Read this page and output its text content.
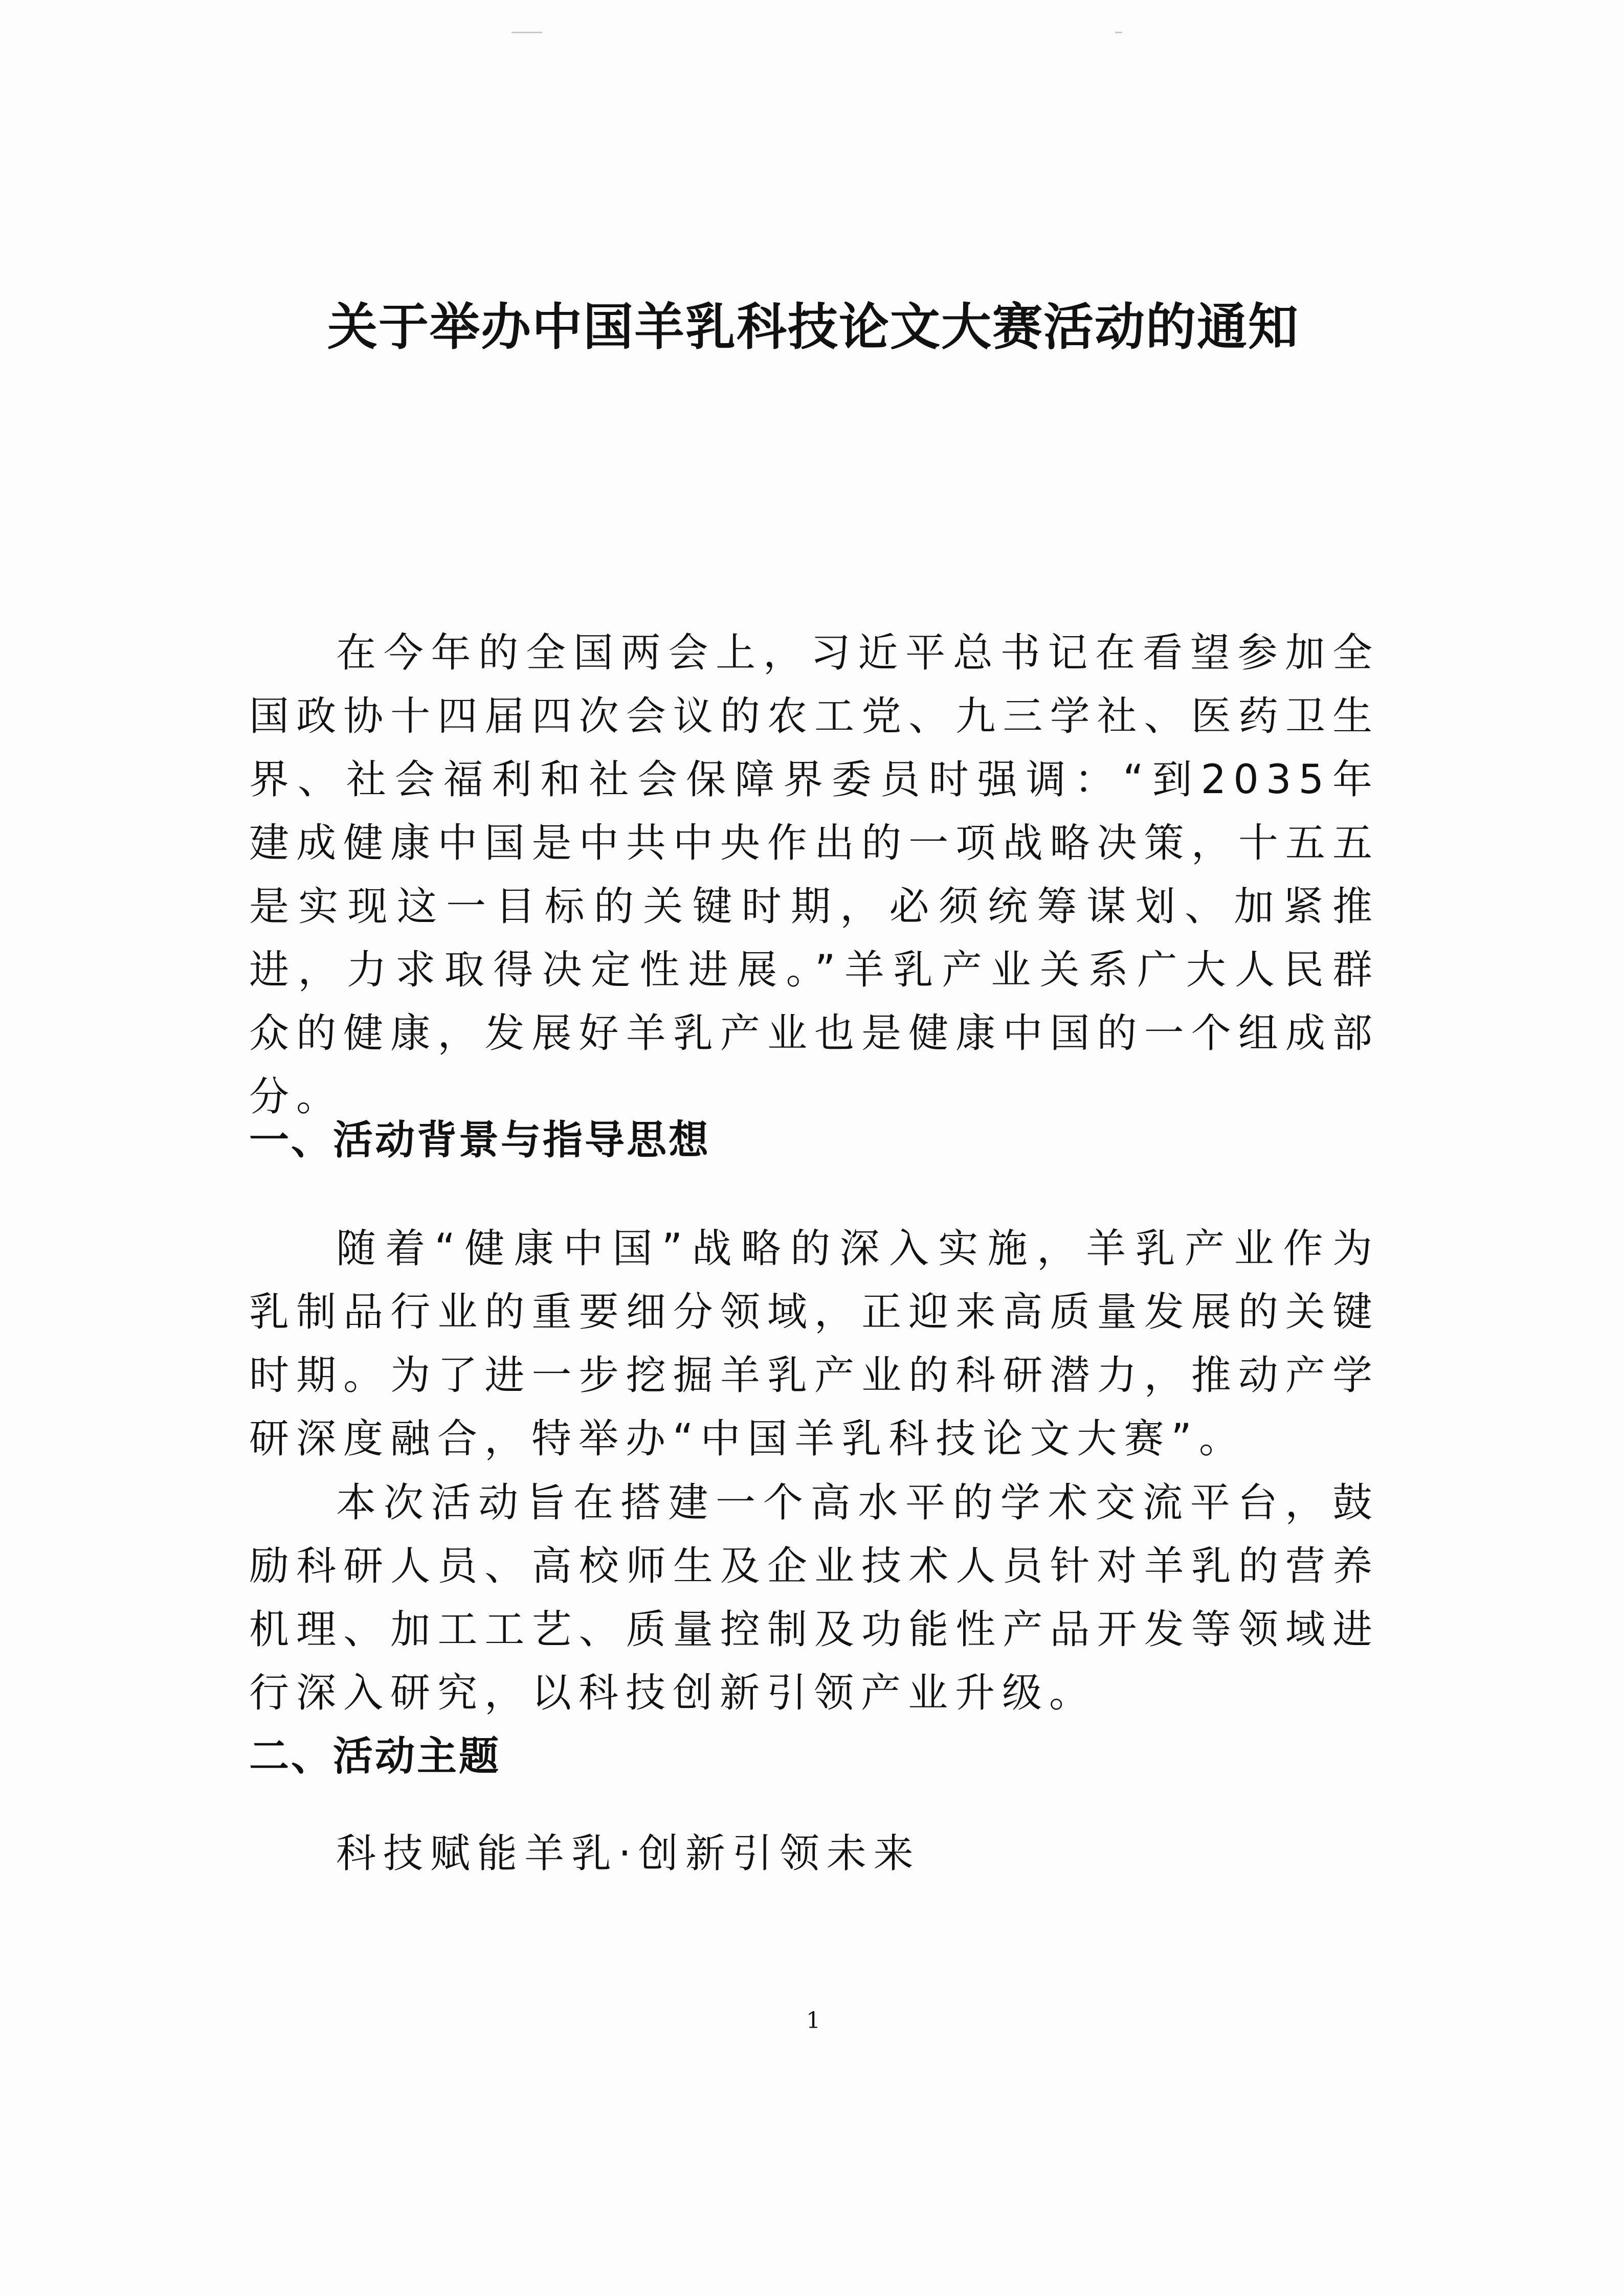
关于举办中国羊乳科技论文大赛活动的通知

在今年的全国两会上，习近平总书记在看望参加全国政协十四届四次会议的农工党、九三学社、医药卫生界、社会福利和社会保障界委员时强调：“到2035年建成健康中国是中共中央作出的一项战略决策，十五五是实现这一目标的关键时期，必须统筹谋划、加紧推进，力求取得决定性进展。”羊乳产业关系广大人民群众的健康，发展好羊乳产业也是健康中国的一个组成部分。

一、活动背景与指导思想

随着“健康中国”战略的深入实施，羊乳产业作为乳制品行业的重要细分领域，正迎来高质量发展的关键时期。为了进一步挖掘羊乳产业的科研潜力，推动产学研深度融合，特举办“中国羊乳科技论文大赛”。

本次活动旨在搭建一个高水平的学术交流平台，鼓励科研人员、高校师生及企业技术人员针对羊乳的营养机理、加工工艺、质量控制及功能性产品开发等领域进行深入研究，以科技创新引领产业升级。

二、活动主题

科技赋能羊乳·创新引领未来

1
